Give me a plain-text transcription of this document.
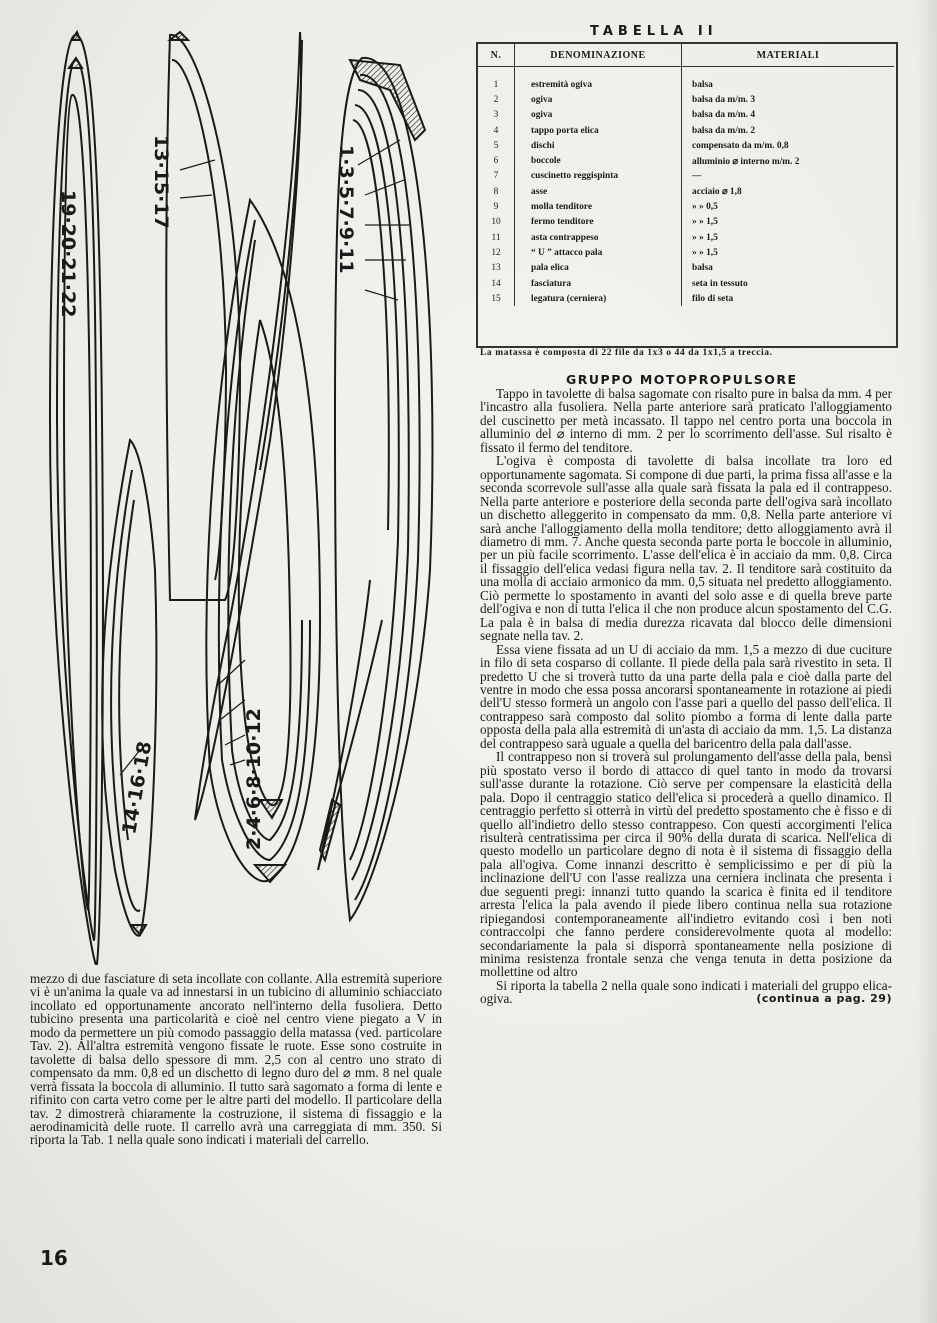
19·20·21·22
13·15·17	1·3·5·7·9·11
2·4·6·8·10·12
14·16·18
TABELLA II
N.	DENOMINAZIONE	MATERIALI

1	estremità ogiva	balsa
2	ogiva	balsa da m/m. 3
3	ogiva	balsa da m/m. 4
4	tappo porta elica	balsa da m/m. 2
5	dischi	compensato da m/m. 0,8
6	boccole	alluminio ⌀ interno m/m. 2
7	cuscinetto reggispinta	—
8	asse	acciaio ⌀ 1,8
9	molla tenditore	» » 0,5
10	fermo tenditore	» » 1,5
11	asta contrappeso	» » 1,5
12	“ U ” attacco pala	» » 1,5
13	pala elica	balsa
14	fasciatura	seta in tessuto
15	legatura (cerniera)	filo di seta
La matassa è composta di 22 file da 1x3 o 44 da 1x1,5 a treccia.
GRUPPO MOTOPROPULSORE

Tappo in tavolette di balsa sagomate con risalto pure in balsa da mm. 4 per l'incastro alla fusoliera. Nella parte anteriore sarà praticato l'alloggiamento del cuscinetto per metà incassato. Il tappo nel centro porta una boccola in alluminio del ⌀ interno di mm. 2 per lo scorrimento dell'asse. Sul risalto è fissato il fermo del tenditore.

L'ogiva è composta di tavolette di balsa incollate tra loro ed opportunamente sagomata. Si compone di due parti, la prima fissa all'asse e la seconda scorrevole sull'asse alla quale sarà fissata la pala ed il contrappeso. Nella parte anteriore e posteriore della seconda parte dell'ogiva sarà incollato un dischetto alleggerito in compensato da mm. 0,8. Nella parte anteriore vi sarà anche l'alloggiamento della molla tenditore; detto alloggiamento avrà il diametro di mm. 7. Anche questa seconda parte porta le boccole in alluminio, per un più facile scorrimento. L'asse dell'elica è in acciaio da mm. 0,8. Circa il fissaggio dell'elica vedasi figura nella tav. 2. Il tenditore sarà costituito da una molla di acciaio armonico da mm. 0,5 situata nel predetto alloggiamento. Ciò permette lo spostamento in avanti del solo asse e di quella breve parte dell'ogiva e non di tutta l'elica il che non produce alcun spostamento del C.G. La pala è in balsa di media durezza ricavata dal blocco delle dimensioni segnate nella tav. 2.

Essa viene fissata ad un U di acciaio da mm. 1,5 a mezzo di due cuciture in filo di seta cosparso di collante. Il piede della pala sarà rivestito in seta. Il predetto U che si troverà tutto da una parte della pala e cioè dalla parte del ventre in modo che essa possa ancorarsi spontaneamente in rotazione ai piedi dell'U stesso formerà un angolo con l'asse pari a quello del passo dell'elica. Il contrappeso sarà composto dal solito piombo a forma di lente dalla parte opposta della pala alla estremità di un'asta di acciaio da mm. 1,5. La distanza del contrappeso sarà uguale a quella del baricentro della pala dall'asse.

Il contrappeso non si troverà sul prolungamento dell'asse della pala, bensì più spostato verso il bordo di attacco di quel tanto in modo da trovarsi sull'asse durante la rotazione. Ciò serve per compensare la elasticità della pala. Dopo il centraggio statico dell'elica si procederà a quello dinamico. Il centraggio perfetto si otterrà in virtù del predetto spostamento che è fisso e di quello all'indietro dello stesso contrappeso. Con questi accorgimenti l'elica risulterà centratissima per circa il 90% della durata di scarica. Nell'elica di questo modello un particolare degno di nota è il sistema di fissaggio della pala all'ogiva. Come innanzi descritto è semplicissimo e per di più la inclinazione dell'U con l'asse realizza una cerniera inclinata che presenta i due seguenti pregi: innanzi tutto quando la scarica è finita ed il tenditore arresta l'elica la pala avendo il piede libero continua nella sua rotazione ripiegandosi contemporaneamente all'indietro evitando così i ben noti contraccolpi che fanno perdere considerevolmente quota al modello: secondariamente la pala si disporrà spontaneamente nella posizione di minima resistenza frontale senza che venga tenuta in detta posizione da mollettine od altro

Si riporta la tabella 2 nella quale sono indicati i materiali del gruppo elica-ogiva.	(continua a pag. 29)

mezzo di due fasciature di seta incollate con collante. Alla estremità superiore vi è un'anima la quale va ad innestarsi in un tubicino di alluminio schiacciato incollato ed opportunamente ancorato nell'interno della fusoliera. Detto tubicino presenta una particolarità e cioè nel centro viene piegato a V in modo da permettere un più comodo passaggio della matassa (ved. particolare Tav. 2). All'altra estremità vengono fissate le ruote. Esse sono costruite in tavolette di balsa dello spessore di mm. 2,5 con al centro uno strato di compensato da mm. 0,8 ed un dischetto di legno duro del ⌀ mm. 8 nel quale verrà fissata la boccola di alluminio. Il tutto sarà sagomato a forma di lente e rifinito con carta vetro come per le altre parti del modello. Il particolare della tav. 2 dimostrerà chiaramente la costruzione, il sistema di fissaggio e la aerodinamicità delle ruote. Il carrello avrà una carreggiata di mm. 350. Si riporta la Tab. 1 nella quale sono indicati i materiali del carrello.

16
